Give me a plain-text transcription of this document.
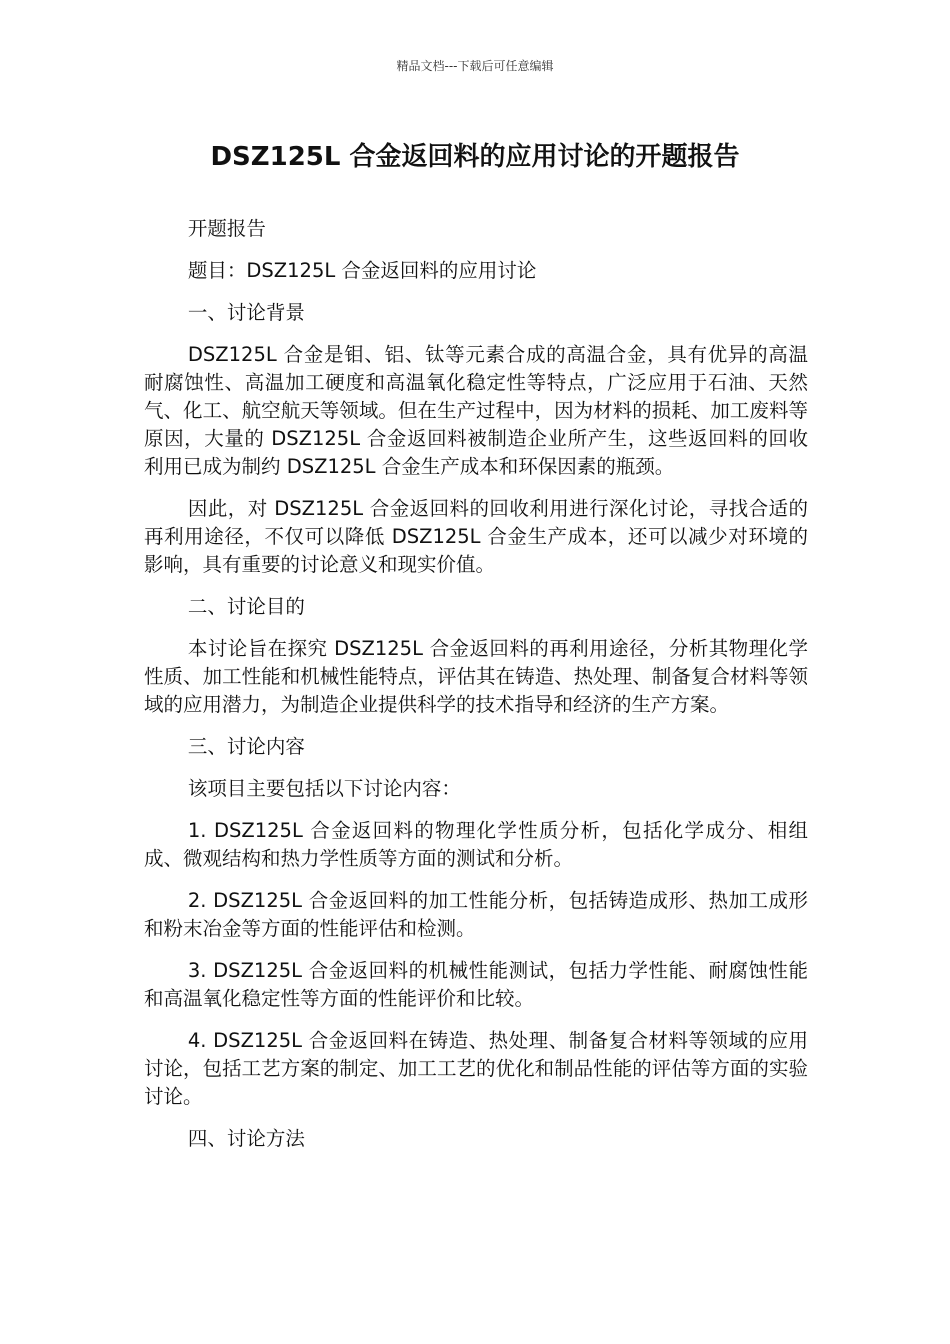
精品文档---下载后可任意编辑
DSZ125L 合金返回料的应用讨论的开题报告

开题报告

题目：DSZ125L 合金返回料的应用讨论

一、讨论背景

DSZ125L 合金是钼、铝、钛等元素合成的高温合金，具有优异的高温耐腐蚀性、高温加工硬度和高温氧化稳定性等特点，广泛应用于石油、天然气、化工、航空航天等领域。但在生产过程中，因为材料的损耗、加工废料等原因，大量的 DSZ125L 合金返回料被制造企业所产生，这些返回料的回收利用已成为制约 DSZ125L 合金生产成本和环保因素的瓶颈。

因此，对 DSZ125L 合金返回料的回收利用进行深化讨论，寻找合适的再利用途径，不仅可以降低 DSZ125L 合金生产成本，还可以减少对环境的影响，具有重要的讨论意义和现实价值。

二、讨论目的

本讨论旨在探究 DSZ125L 合金返回料的再利用途径，分析其物理化学性质、加工性能和机械性能特点，评估其在铸造、热处理、制备复合材料等领域的应用潜力，为制造企业提供科学的技术指导和经济的生产方案。

三、讨论内容

该项目主要包括以下讨论内容：

1. DSZ125L 合金返回料的物理化学性质分析，包括化学成分、相组成、微观结构和热力学性质等方面的测试和分析。

2. DSZ125L 合金返回料的加工性能分析，包括铸造成形、热加工成形和粉末冶金等方面的性能评估和检测。

3. DSZ125L 合金返回料的机械性能测试，包括力学性能、耐腐蚀性能和高温氧化稳定性等方面的性能评价和比较。

4. DSZ125L 合金返回料在铸造、热处理、制备复合材料等领域的应用讨论，包括工艺方案的制定、加工工艺的优化和制品性能的评估等方面的实验讨论。

四、讨论方法
